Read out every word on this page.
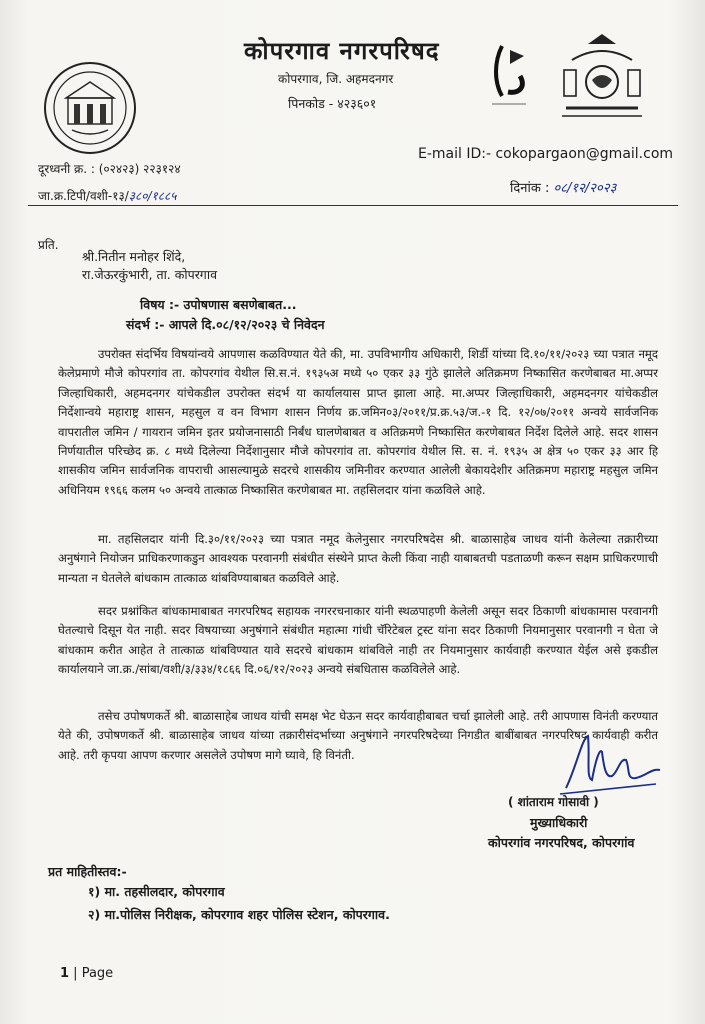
कोपरगाव नगरपरिषद
कोपरगाव, जि. अहमदनगर
पिनकोड - ४२३६०१
E-mail ID:- cokopargaon@gmail.com
दूरध्वनी क्र. : (०२४२३) २२३१२४
जा.क्र.टिपी/वशी-१३/३८०/१८८५	दिनांक : ०८/१२/२०२३
प्रति.
श्री.नितीन मनोहर शिंदे,
रा.जेऊरकुंभारी, ता. कोपरगाव
विषय :- उपोषणास बसणेबाबत...
संदर्भ :- आपले दि.०८/१२/२०२३ चे निवेदन
उपरोक्त संदर्भिय विषयांन्वये आपणास कळविण्यात येते की, मा. उपविभागीय अधिकारी, शिर्डी यांच्या दि.१०/११/२०२३ च्या पत्रात नमूद केलेप्रमाणे मौजे कोपरगांव ता. कोपरगांव येथील सि.स.नं. १९३५अ मध्ये ५० एकर ३३ गुंठे झालेले अतिक्रमण निष्कासित करणेबाबत मा.अप्पर जिल्हाधिकारी, अहमदनगर यांचेकडील उपरोक्त संदर्भ या कार्यालयास प्राप्त झाला आहे. मा.अप्पर जिल्हाधिकारी, अहमदनगर यांचेकडील निर्देशान्वये महाराष्ट्र शासन, महसुल व वन विभाग शासन निर्णय क्र.जमिन०३/२०११/प्र.क्र.५३/ज.-१ दि. १२/०७/२०११ अन्वये सार्वजनिक वापरातील जमिन / गायरान जमिन इतर प्रयोजनासाठी निर्बंध घालणेबाबत व अतिक्रमणे निष्कासित करणेबाबत निर्देश दिलेले आहे. सदर शासन निर्णयातील परिच्छेद क्र. ८ मध्ये दिलेल्या निर्देशानुसार मौजे कोपरगांव ता. कोपरगांव येथील सि. स. नं. १९३५ अ क्षेत्र ५० एकर ३३ आर हि शासकीय जमिन सार्वजनिक वापराची आसल्यामुळे सदरचे शासकीय जमिनीवर करण्यात आलेली बेकायदेशीर अतिक्रमण महाराष्ट्र महसुल जमिन अधिनियम १९६६ कलम ५० अन्वये तात्काळ निष्कासित करणेबाबत मा. तहसिलदार यांना कळविले आहे.
मा. तहसिलदार यांनी दि.३०/११/२०२३ च्या पत्रात नमूद केलेनुसार नगरपरिषदेस श्री. बाळासाहेब जाधव यांनी केलेल्या तक्रारीच्या अनुषंगाने नियोजन प्राधिकरणाकडुन आवश्यक परवानगी संबंधीत संस्थेने प्राप्त केली किंवा नाही याबाबतची पडताळणी करून सक्षम प्राधिकरणाची मान्यता न घेतलेले बांधकाम तात्काळ थांबविण्याबाबत कळविले आहे.
सदर प्रश्नांकित बांधकामाबाबत नगरपरिषद सहायक नगररचनाकार यांनी स्थळपाहणी केलेली असून सदर ठिकाणी बांधकामास परवानगी घेतल्याचे दिसून येत नाही. सदर विषयाच्या अनुषंगाने संबंधीत महात्मा गांधी चॅरिटेबल ट्रस्ट यांना सदर ठिकाणी नियमानुसार परवानगी न घेता जे बांधकाम करीत आहेत ते तात्काळ थांबविण्यात यावे सदरचे बांधकाम थांबविले नाही तर नियमानुसार कार्यवाही करण्यात येईल असे इकडील कार्यालयाने जा.क्र./सांबा/वशी/३/३३४/१८६६ दि.०६/१२/२०२३ अन्वये संबधितास कळविलेले आहे.
तसेच उपोषणकर्ते श्री. बाळासाहेब जाधव यांची समक्ष भेट घेऊन सदर कार्यवाहीबाबत चर्चा झालेली आहे. तरी आपणास विनंती करण्यात येते की, उपोषणकर्ते श्री. बाळासाहेब जाधव यांच्या तक्रारीसंदर्भाच्या अनुषंगाने नगरपरिषदेच्या निगडीत बाबींबाबत नगरपरिषद कार्यवाही करीत आहे. तरी कृपया आपण करणार असलेले उपोषण मागे घ्यावे, हि विनंती.
( शांताराम गोसावी )
मुख्याधिकारी
कोपरगांव नगरपरिषद, कोपरगांव
प्रत माहितीस्तव:-
१) मा. तहसीलदार, कोपरगाव
२) मा.पोलिस निरीक्षक, कोपरगाव शहर पोलिस स्टेशन, कोपरगाव.
1 | Page
